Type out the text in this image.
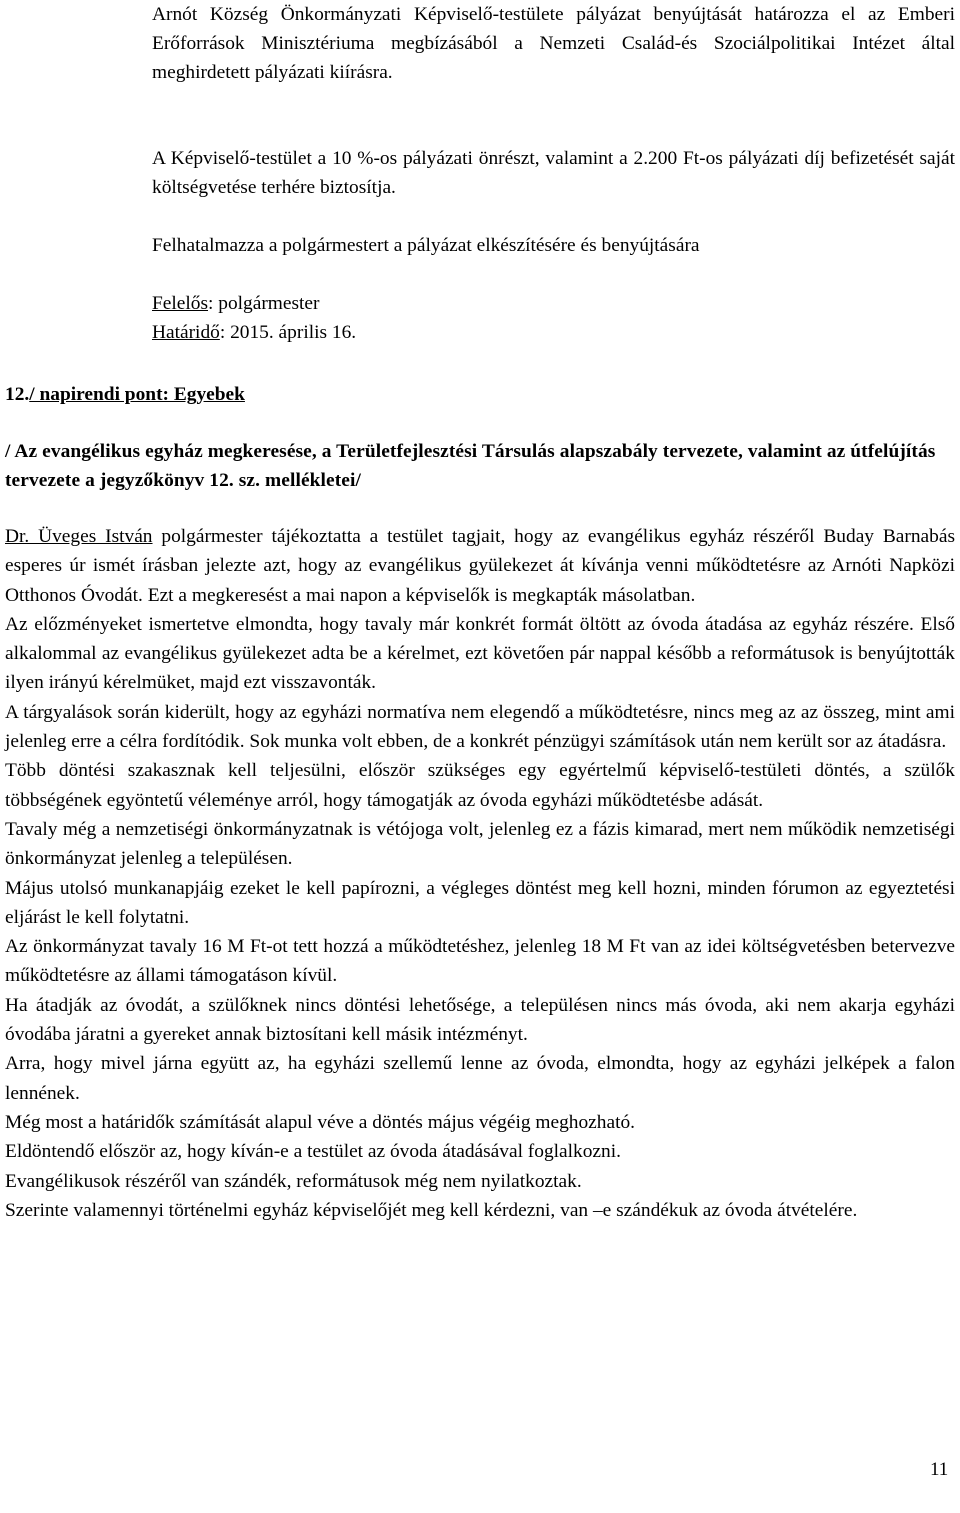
Arnót Község Önkormányzati Képviselő-testülete pályázat benyújtását határozza el az Emberi Erőforrások Minisztériuma megbízásából a Nemzeti Család-és Szociálpolitikai Intézet által meghirdetett pályázati kiírásra.

A Képviselő-testület a 10 %-os pályázati önrészt, valamint a 2.200 Ft-os pályázati díj befizetését saját költségvetése terhére biztosítja.

Felhatalmazza a polgármestert a pályázat elkészítésére és benyújtására

Felelős: polgármester
Határidő: 2015. április 16.
12./ napirendi pont: Egyebek

/ Az evangélikus egyház megkeresése, a Területfejlesztési Társulás alapszabály tervezete, valamint az útfelújítás tervezete a jegyzőkönyv 12. sz. mellékletei/

Dr. Üveges István polgármester tájékoztatta a testület tagjait, hogy az evangélikus egyház részéről Buday Barnabás esperes úr ismét írásban jelezte azt, hogy az evangélikus gyülekezet át kívánja venni működtetésre az Arnóti Napközi Otthonos Óvodát. Ezt a megkeresést a mai napon a képviselők is megkapták másolatban.

Az előzményeket ismertetve elmondta, hogy tavaly már konkrét formát öltött az óvoda átadása az egyház részére. Első alkalommal az evangélikus gyülekezet adta be a kérelmet, ezt követően pár nappal később a reformátusok is benyújtották ilyen irányú kérelmüket, majd ezt visszavonták.

A tárgyalások során kiderült, hogy az egyházi normatíva nem elegendő a működtetésre, nincs meg az az összeg, mint ami jelenleg erre a célra fordítódik. Sok munka volt ebben, de a konkrét pénzügyi számítások után nem került sor az átadásra.

Több döntési szakasznak kell teljesülni, először szükséges egy egyértelmű képviselő-testületi döntés, a szülők többségének egyöntetű véleménye arról, hogy támogatják az óvoda egyházi működtetésbe adását.

Tavaly még a nemzetiségi önkormányzatnak is vétójoga volt, jelenleg ez a fázis kimarad, mert nem működik nemzetiségi önkormányzat jelenleg a településen.

Május utolsó munkanapjáig ezeket le kell papírozni, a végleges döntést meg kell hozni, minden fórumon az egyeztetési eljárást le kell folytatni.

Az önkormányzat tavaly 16 M Ft-ot tett hozzá a működtetéshez, jelenleg 18 M Ft van az idei költségvetésben betervezve működtetésre az állami támogatáson kívül.

Ha átadják az óvodát, a szülőknek nincs döntési lehetősége, a településen nincs más óvoda, aki nem akarja egyházi óvodába járatni a gyereket annak biztosítani kell másik intézményt.

Arra, hogy mivel járna együtt az, ha egyházi szellemű lenne az óvoda, elmondta, hogy az egyházi jelképek a falon lennének.

Még most a határidők számítását alapul véve a döntés május végéig meghozható.

Eldöntendő először az, hogy kíván-e a testület az óvoda átadásával foglalkozni.

Evangélikusok részéről van szándék, reformátusok még nem nyilatkoztak.

Szerinte valamennyi történelmi egyház képviselőjét meg kell kérdezni, van –e szándékuk az óvoda átvételére.

11
